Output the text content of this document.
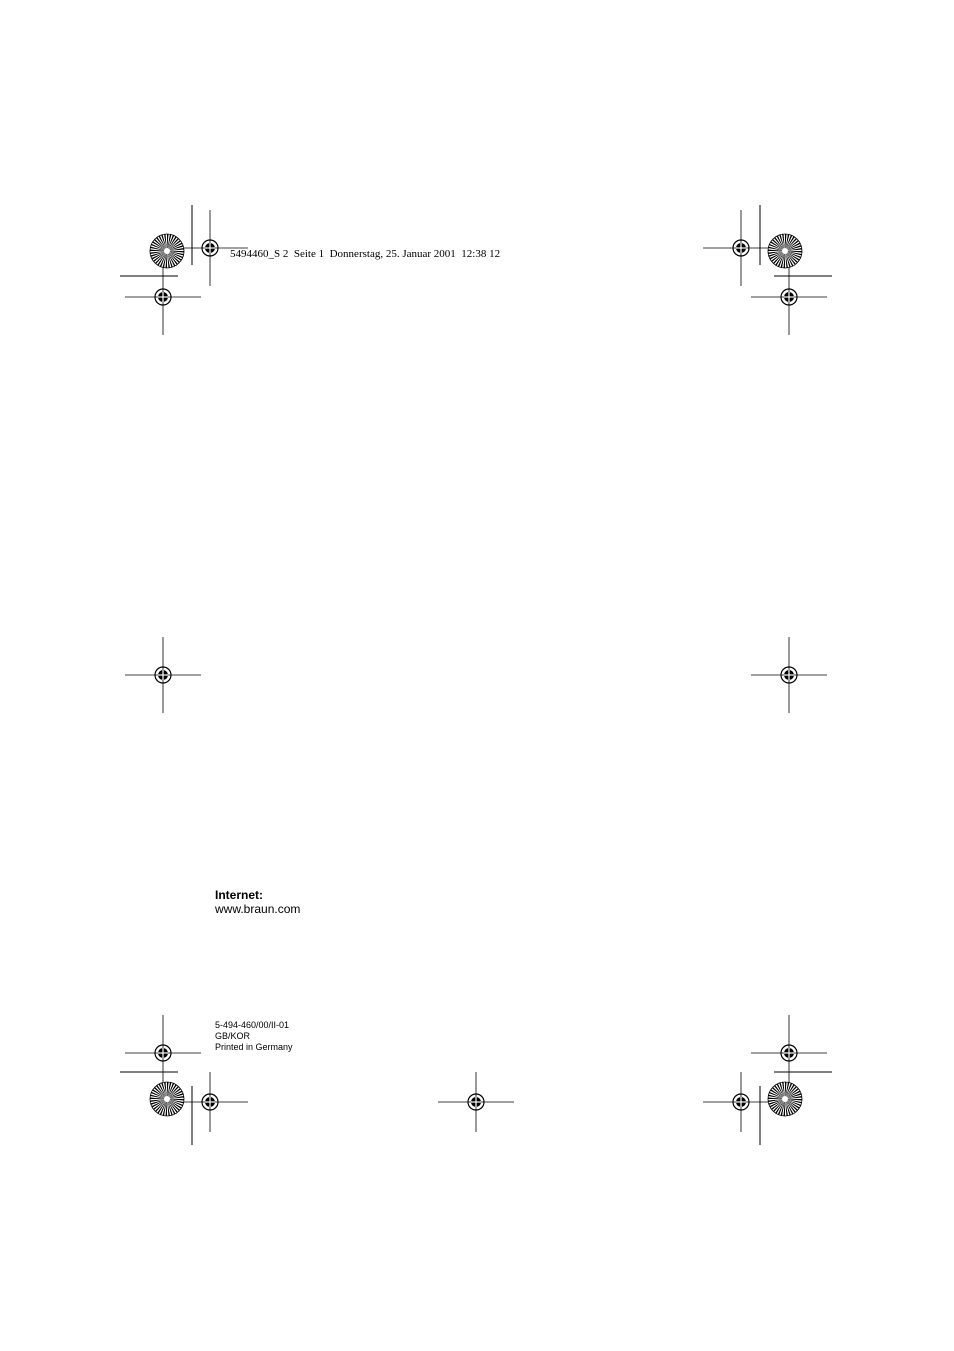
5494460_S 2  Seite 1  Donnerstag, 25. Januar 2001  12:38 12

Internet:

www.braun.com

5-494-460/00/II-01

GB/KOR

Printed in Germany
